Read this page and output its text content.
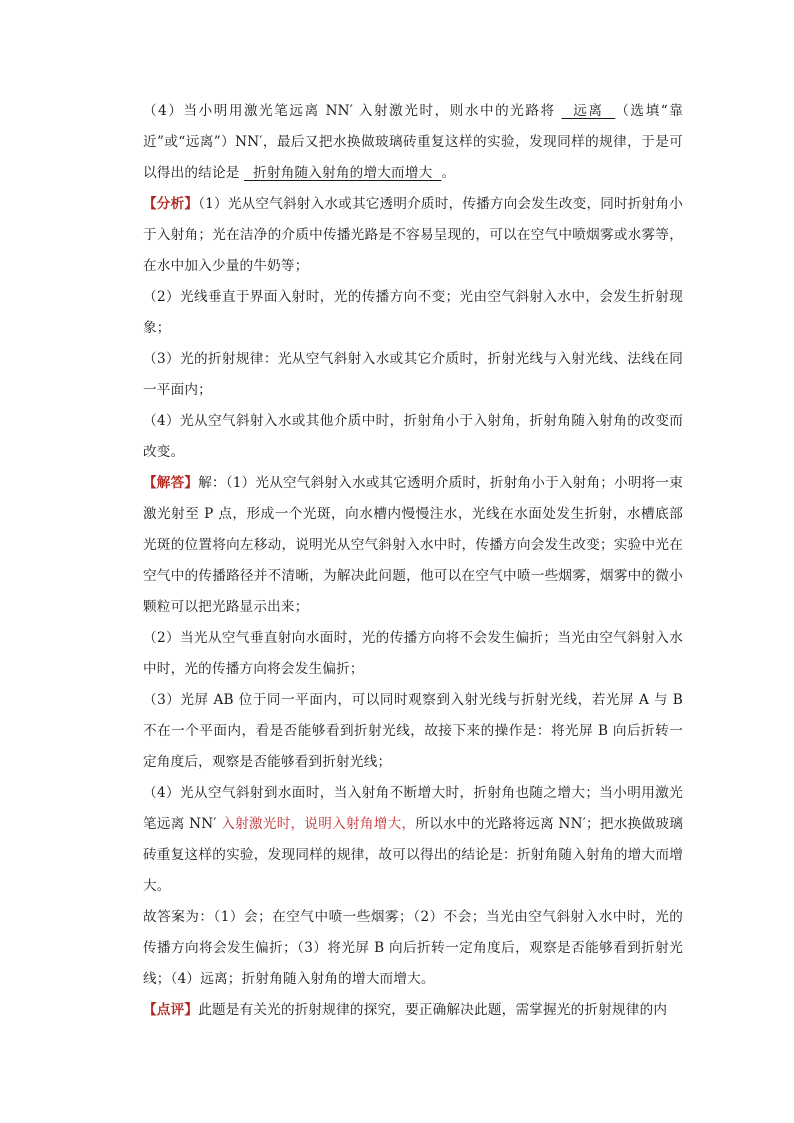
（4）当小明用激光笔远离 NN′ 入射激光时，则水中的光路将   远离  （选填“靠近”或“远离”）NN′，最后又把水换做玻璃砖重复这样的实验，发现同样的规律，于是可以得出的结论是   折射角随入射角的增大而增大  。

【分析】（1）光从空气斜射入水或其它透明介质时，传播方向会发生改变，同时折射角小于入射角；光在洁净的介质中传播光路是不容易呈现的，可以在空气中喷烟雾或水雾等，在水中加入少量的牛奶等；

（2）光线垂直于界面入射时，光的传播方向不变；光由空气斜射入水中，会发生折射现象；

（3）光的折射规律：光从空气斜射入水或其它介质时，折射光线与入射光线、法线在同一平面内；

（4）光从空气斜射入水或其他介质中时，折射角小于入射角，折射角随入射角的改变而改变。

【解答】解：（1）光从空气斜射入水或其它透明介质时，折射角小于入射角；小明将一束激光射至 P 点，形成一个光斑，向水槽内慢慢注水，光线在水面处发生折射，水槽底部光斑的位置将向左移动，说明光从空气斜射入水中时，传播方向会发生改变；实验中光在空气中的传播路径并不清晰，为解决此问题，他可以在空气中喷一些烟雾，烟雾中的微小颗粒可以把光路显示出来；

（2）当光从空气垂直射向水面时，光的传播方向将不会发生偏折；当光由空气斜射入水中时，光的传播方向将会发生偏折；

（3）光屏 AB 位于同一平面内，可以同时观察到入射光线与折射光线，若光屏 A 与 B 不在一个平面内，看是否能够看到折射光线，故接下来的操作是：将光屏 B 向后折转一定角度后，观察是否能够看到折射光线；

（4）光从空气斜射到水面时，当入射角不断增大时，折射角也随之增大；当小明用激光笔远离 NN′ 入射激光时，说明入射角增大，所以水中的光路将远离 NN′；把水换做玻璃砖重复这样的实验，发现同样的规律，故可以得出的结论是：折射角随入射角的增大而增大。

故答案为：（1）会；在空气中喷一些烟雾；（2）不会；当光由空气斜射入水中时，光的传播方向将会发生偏折；（3）将光屏 B 向后折转一定角度后，观察是否能够看到折射光线；（4）远离；折射角随入射角的增大而增大。

【点评】此题是有关光的折射规律的探究，要正确解决此题，需掌握光的折射规律的内
